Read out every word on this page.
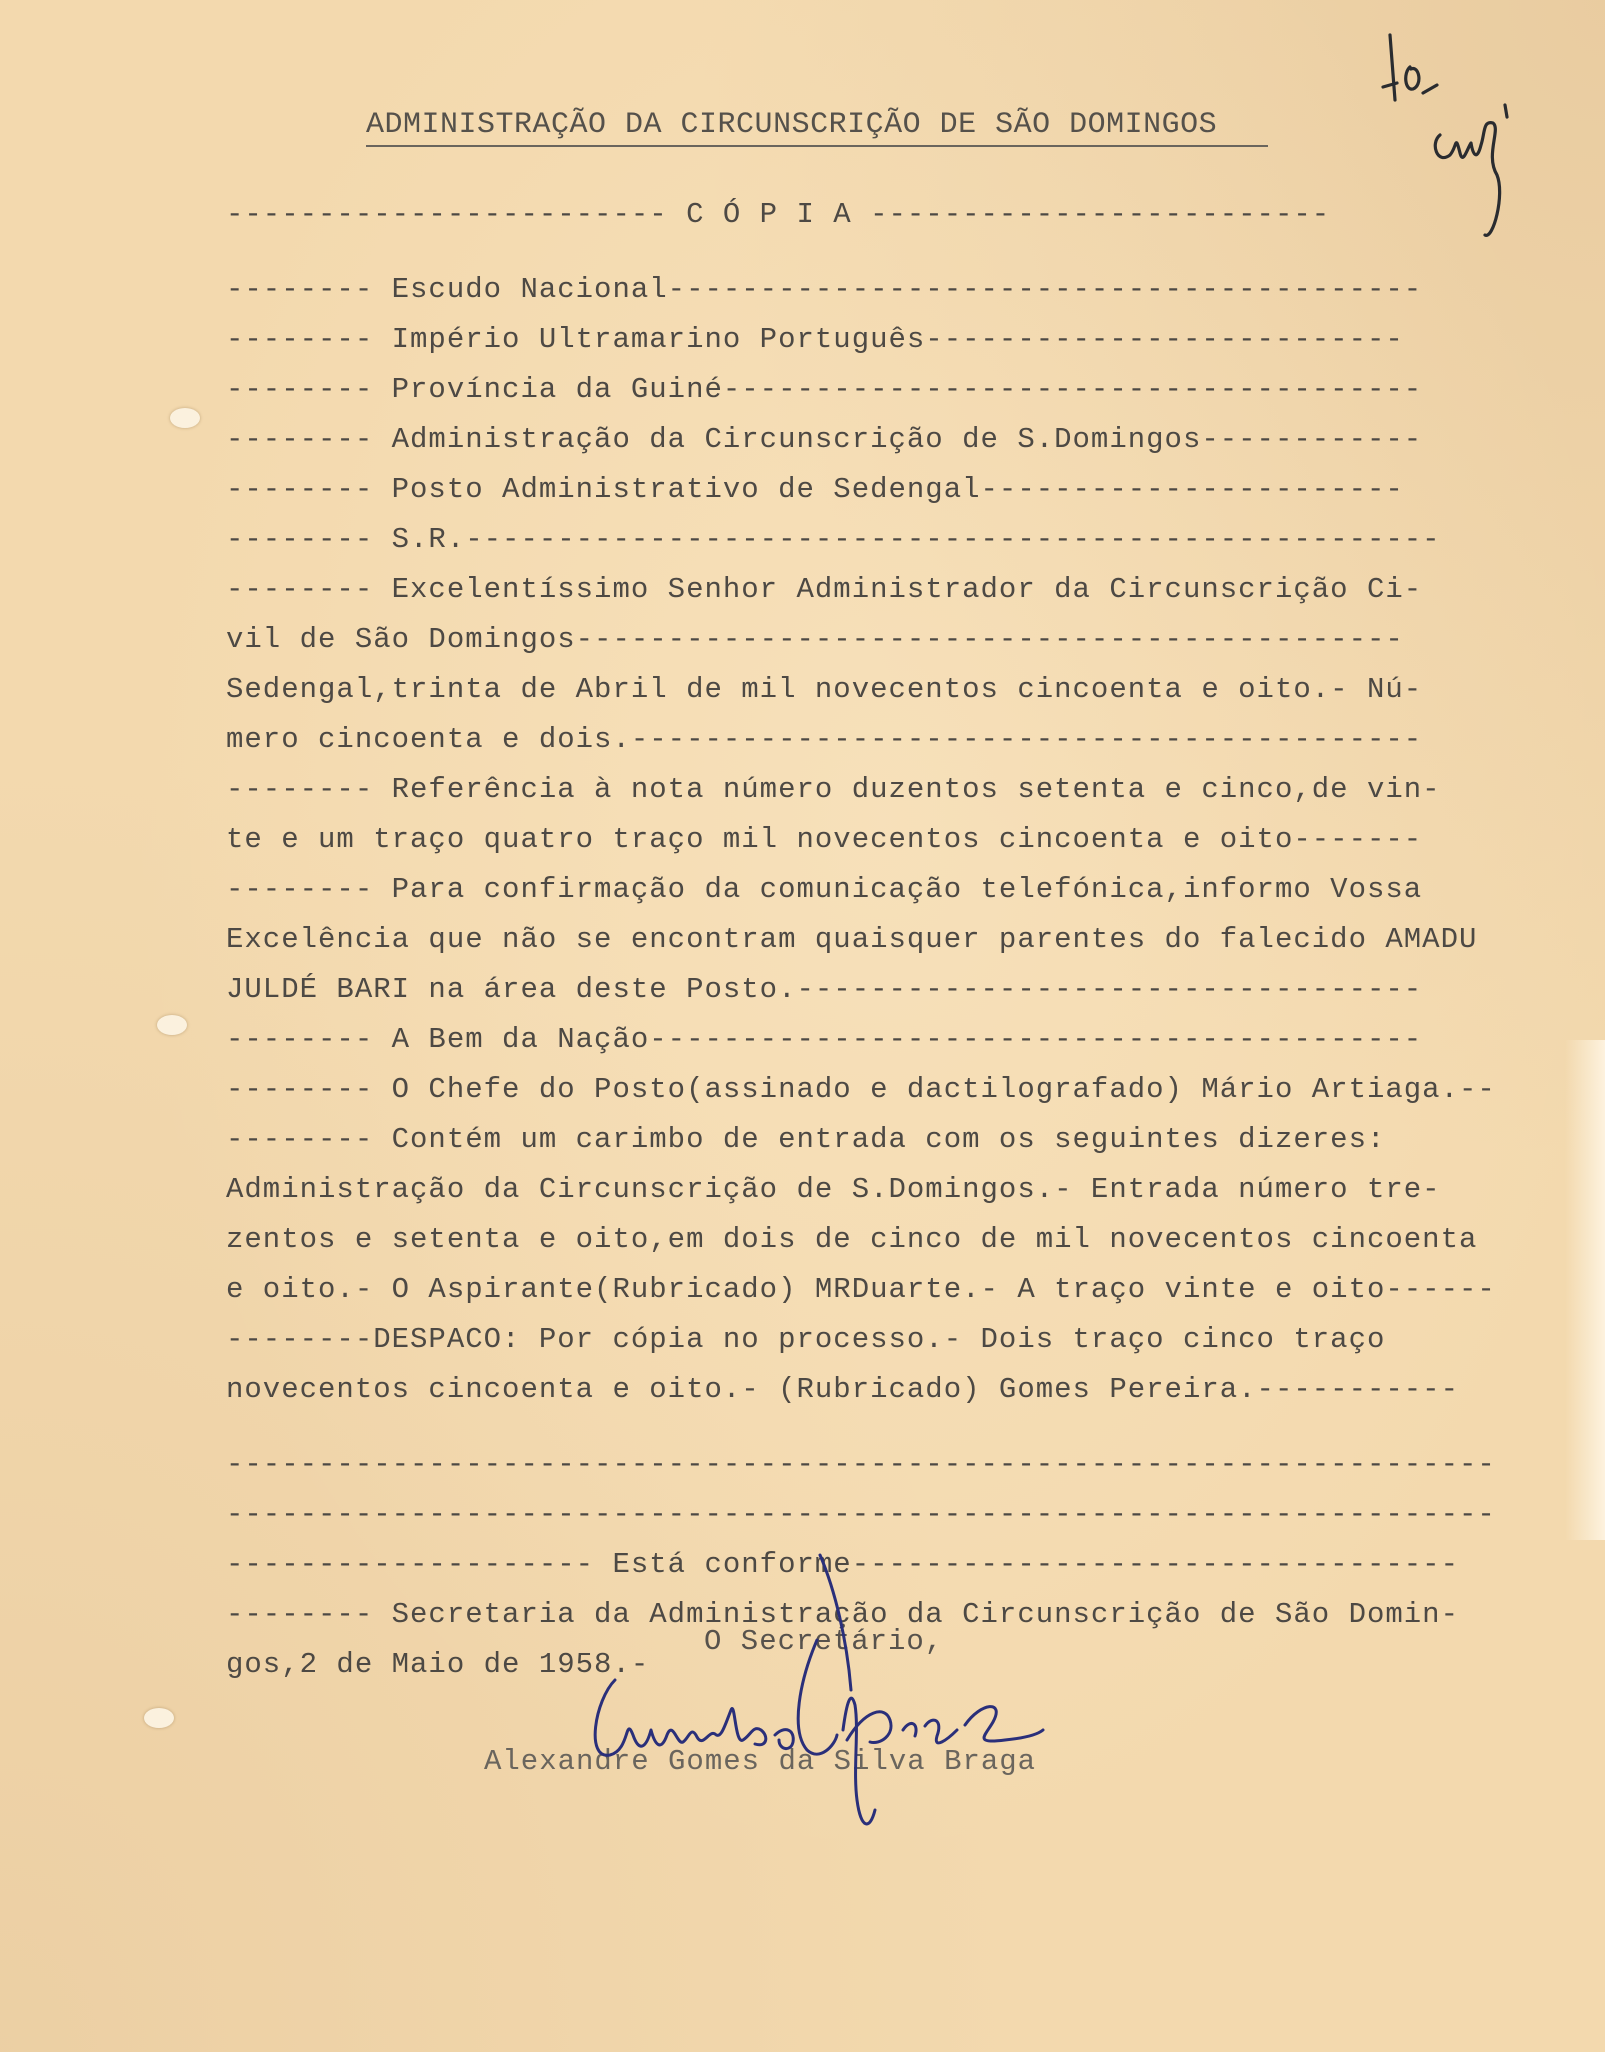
ADMINISTRAÇÃO DA CIRCUNSCRIÇÃO DE SÃO DOMINGOS
------------------------ C Ó P I A -------------------------
-------- Escudo Nacional-----------------------------------------
-------- Império Ultramarino Português--------------------------
-------- Província da Guiné--------------------------------------
-------- Administração da Circunscrição de S.Domingos------------
-------- Posto Administrativo de Sedengal-----------------------
-------- S.R.-----------------------------------------------------
-------- Excelentíssimo Senhor Administrador da Circunscrição Ci-
vil de São Domingos---------------------------------------------
Sedengal,trinta de Abril de mil novecentos cincoenta e oito.- Nú-
mero cincoenta e dois.-------------------------------------------
-------- Referência à nota número duzentos setenta e cinco,de vin-
te e um traço quatro traço mil novecentos cincoenta e oito-------
-------- Para confirmação da comunicação telefónica,informo Vossa
Excelência que não se encontram quaisquer parentes do falecido AMADU
JULDÉ BARI na área deste Posto.----------------------------------
-------- A Bem da Nação------------------------------------------
-------- O Chefe do Posto(assinado e dactilografado) Mário Artiaga.--
-------- Contém um carimbo de entrada com os seguintes dizeres:
Administração da Circunscrição de S.Domingos.- Entrada número tre-
zentos e setenta e oito,em dois de cinco de mil novecentos cincoenta
e oito.- O Aspirante(Rubricado) MRDuarte.- A traço vinte e oito------
--------DESPACO: Por cópia no processo.- Dois traço cinco traço
novecentos cincoenta e oito.- (Rubricado) Gomes Pereira.-----------
---------------------------------------------------------------------
---------------------------------------------------------------------
-------------------- Está conforme---------------------------------
-------- Secretaria da Administração da Circunscrição de São Domin-
gos,2 de Maio de 1958.-
O Secretário,
Alexandre Gomes da Silva Braga
